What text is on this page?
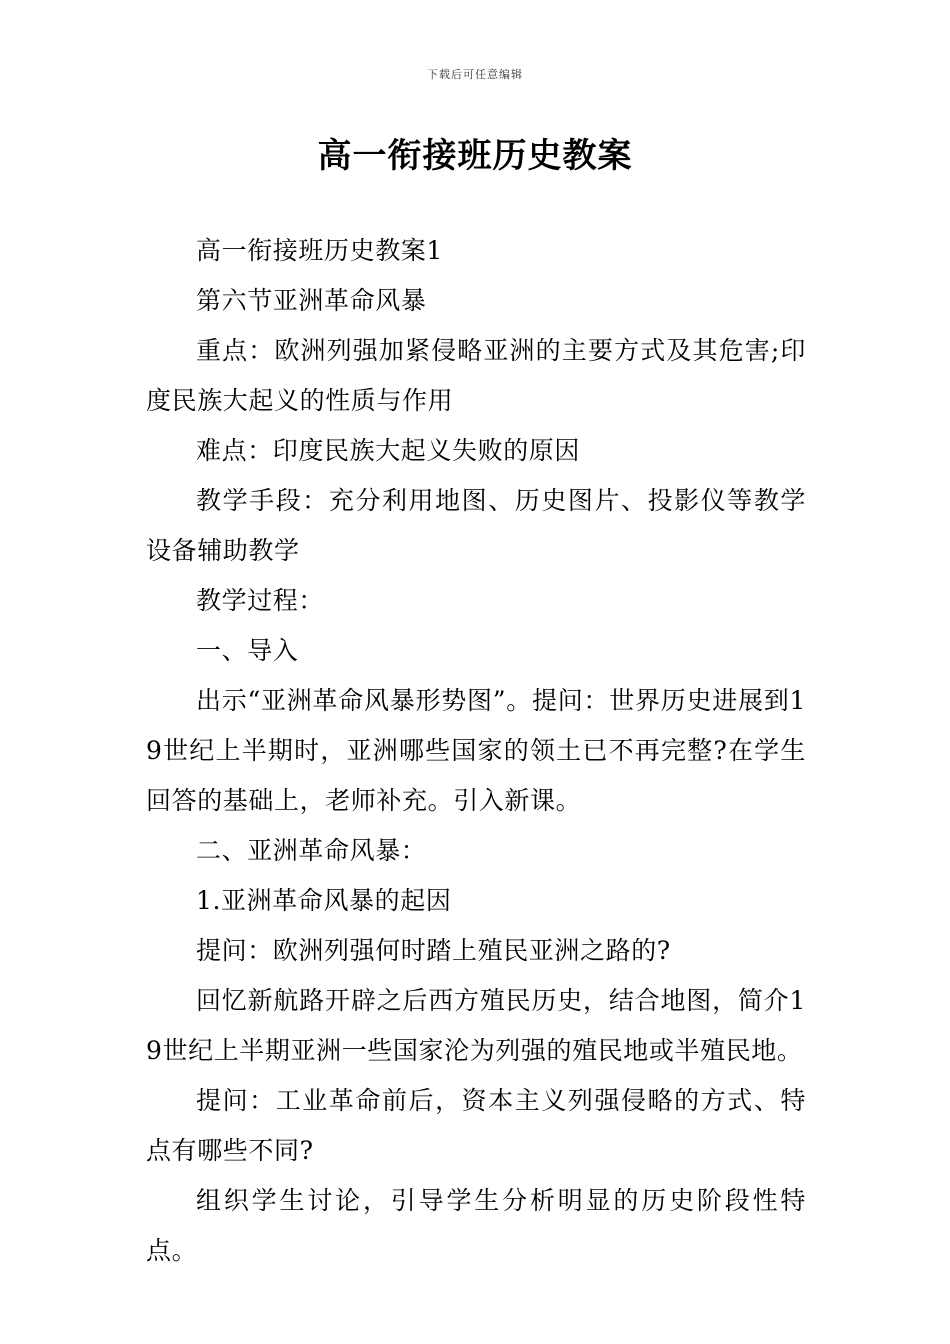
下载后可任意编辑
高一衔接班历史教案

高一衔接班历史教案1

第六节亚洲革命风暴

重点：欧洲列强加紧侵略亚洲的主要方式及其危害;印度民族大起义的性质与作用

难点：印度民族大起义失败的原因

教学手段：充分利用地图、历史图片、投影仪等教学设备辅助教学

教学过程：

一、导入

出示“亚洲革命风暴形势图”。提问：世界历史进展到19世纪上半期时，亚洲哪些国家的领土已不再完整?在学生回答的基础上，老师补充。引入新课。

二、亚洲革命风暴：

1.亚洲革命风暴的起因

提问：欧洲列强何时踏上殖民亚洲之路的?

回忆新航路开辟之后西方殖民历史，结合地图，简介19世纪上半期亚洲一些国家沦为列强的殖民地或半殖民地。

提问：工业革命前后，资本主义列强侵略的方式、特点有哪些不同?

组织学生讨论，引导学生分析明显的历史阶段性特点。
